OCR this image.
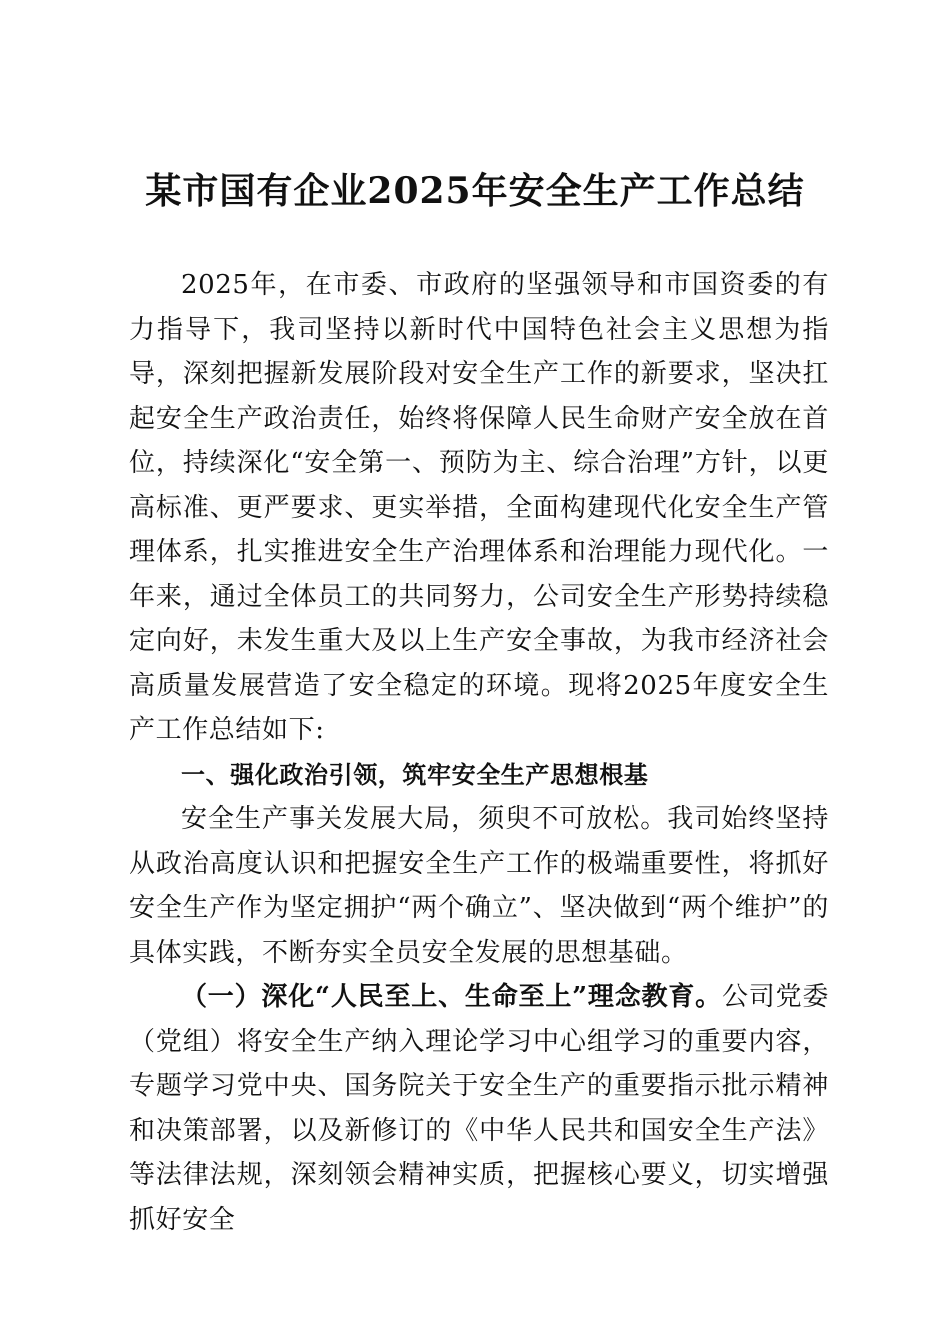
某市国有企业2025年安全生产工作总结

2025年，在市委、市政府的坚强领导和市国资委的有力指导下，我司坚持以新时代中国特色社会主义思想为指导，深刻把握新发展阶段对安全生产工作的新要求，坚决扛起安全生产政治责任，始终将保障人民生命财产安全放在首位，持续深化“安全第一、预防为主、综合治理”方针，以更高标准、更严要求、更实举措，全面构建现代化安全生产管理体系，扎实推进安全生产治理体系和治理能力现代化。一年来，通过全体员工的共同努力，公司安全生产形势持续稳定向好，未发生重大及以上生产安全事故，为我市经济社会高质量发展营造了安全稳定的环境。现将2025年度安全生产工作总结如下:

一、强化政治引领，筑牢安全生产思想根基

安全生产事关发展大局，须臾不可放松。我司始终坚持从政治高度认识和把握安全生产工作的极端重要性，将抓好安全生产作为坚定拥护“两个确立”、坚决做到“两个维护”的具体实践，不断夯实全员安全发展的思想基础。

（一）深化“人民至上、生命至上”理念教育。公司党委（党组）将安全生产纳入理论学习中心组学习的重要内容，专题学习党中央、国务院关于安全生产的重要指示批示精神和决策部署，以及新修订的《中华人民共和国安全生产法》等法律法规，深刻领会精神实质，把握核心要义，切实增强抓好安全
